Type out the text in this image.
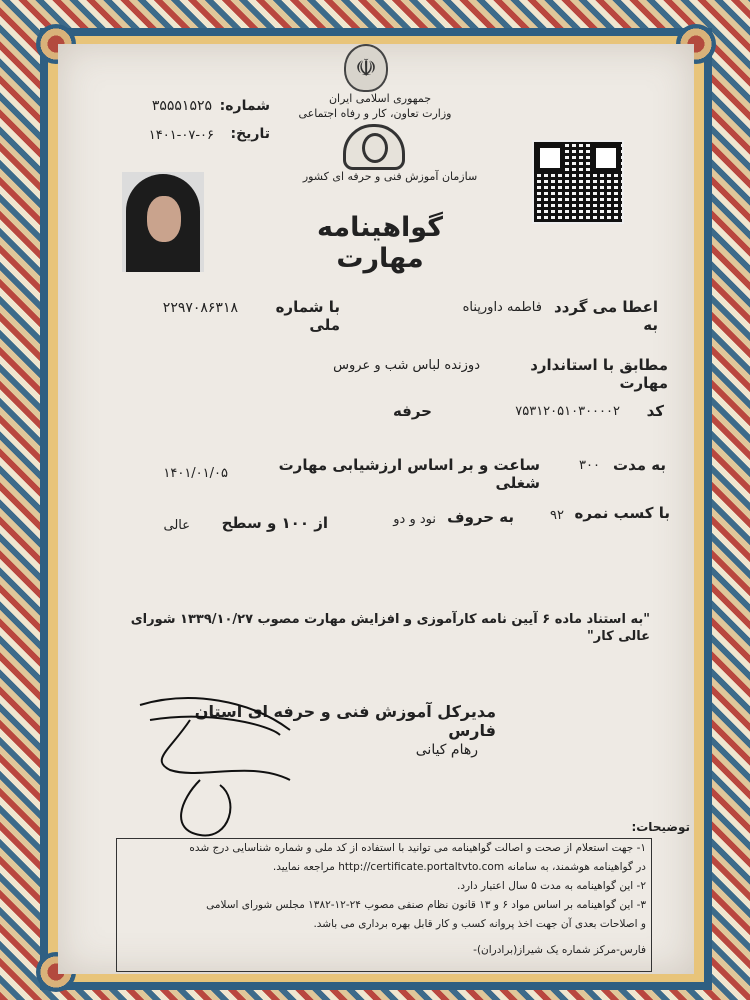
☫
جمهوری اسلامی ایران
وزارت تعاون، کار و رفاه اجتماعی
سازمان آموزش فنی و حرفه ای کشور
شماره:
۳۵۵۵۱۵۲۵
تاریخ:
۱۴۰۱-۰۷-۰۶
گواهینامه مهارت
اعطا می گردد به
فاطمه داورپناه
با شماره ملی
۲۲۹۷۰۸۶۳۱۸
مطابق با استاندارد مهارت
دوزنده لباس شب و عروس
کد
۷۵۳۱۲۰۵۱۰۳۰۰۰۰۲
حرفه
به مدت
۳۰۰
ساعت و بر اساس ارزشیابی مهارت شغلی
۱۴۰۱/۰۱/۰۵
با کسب نمره
۹۲
به حروف
نود و دو
از ۱۰۰ و سطح
عالی
"به استناد ماده ۶ آیین نامه کارآموزی و افزایش مهارت مصوب ۱۳۳۹/۱۰/۲۷ شورای عالی کار"
مدیرکل آموزش فنی و حرفه ای استان فارس
رهام کیانی
توضیحات:
۱- جهت استعلام از صحت و اصالت گواهینامه می توانید با استفاده از کد ملی و شماره شناسایی درج شده
در گواهینامه هوشمند، به سامانه http://certificate.portaltvto.com مراجعه نمایید.
۲- این گواهینامه به مدت ۵ سال اعتبار دارد.
۳- این گواهینامه بر اساس مواد ۶ و ۱۳ قانون نظام صنفی مصوب ۲۴-۱۲-۱۳۸۲ مجلس شورای اسلامی
و اصلاحات بعدی آن جهت اخذ پروانه کسب و کار قابل بهره برداری می باشد.
فارس-مرکز شماره یک شیراز(برادران)-
